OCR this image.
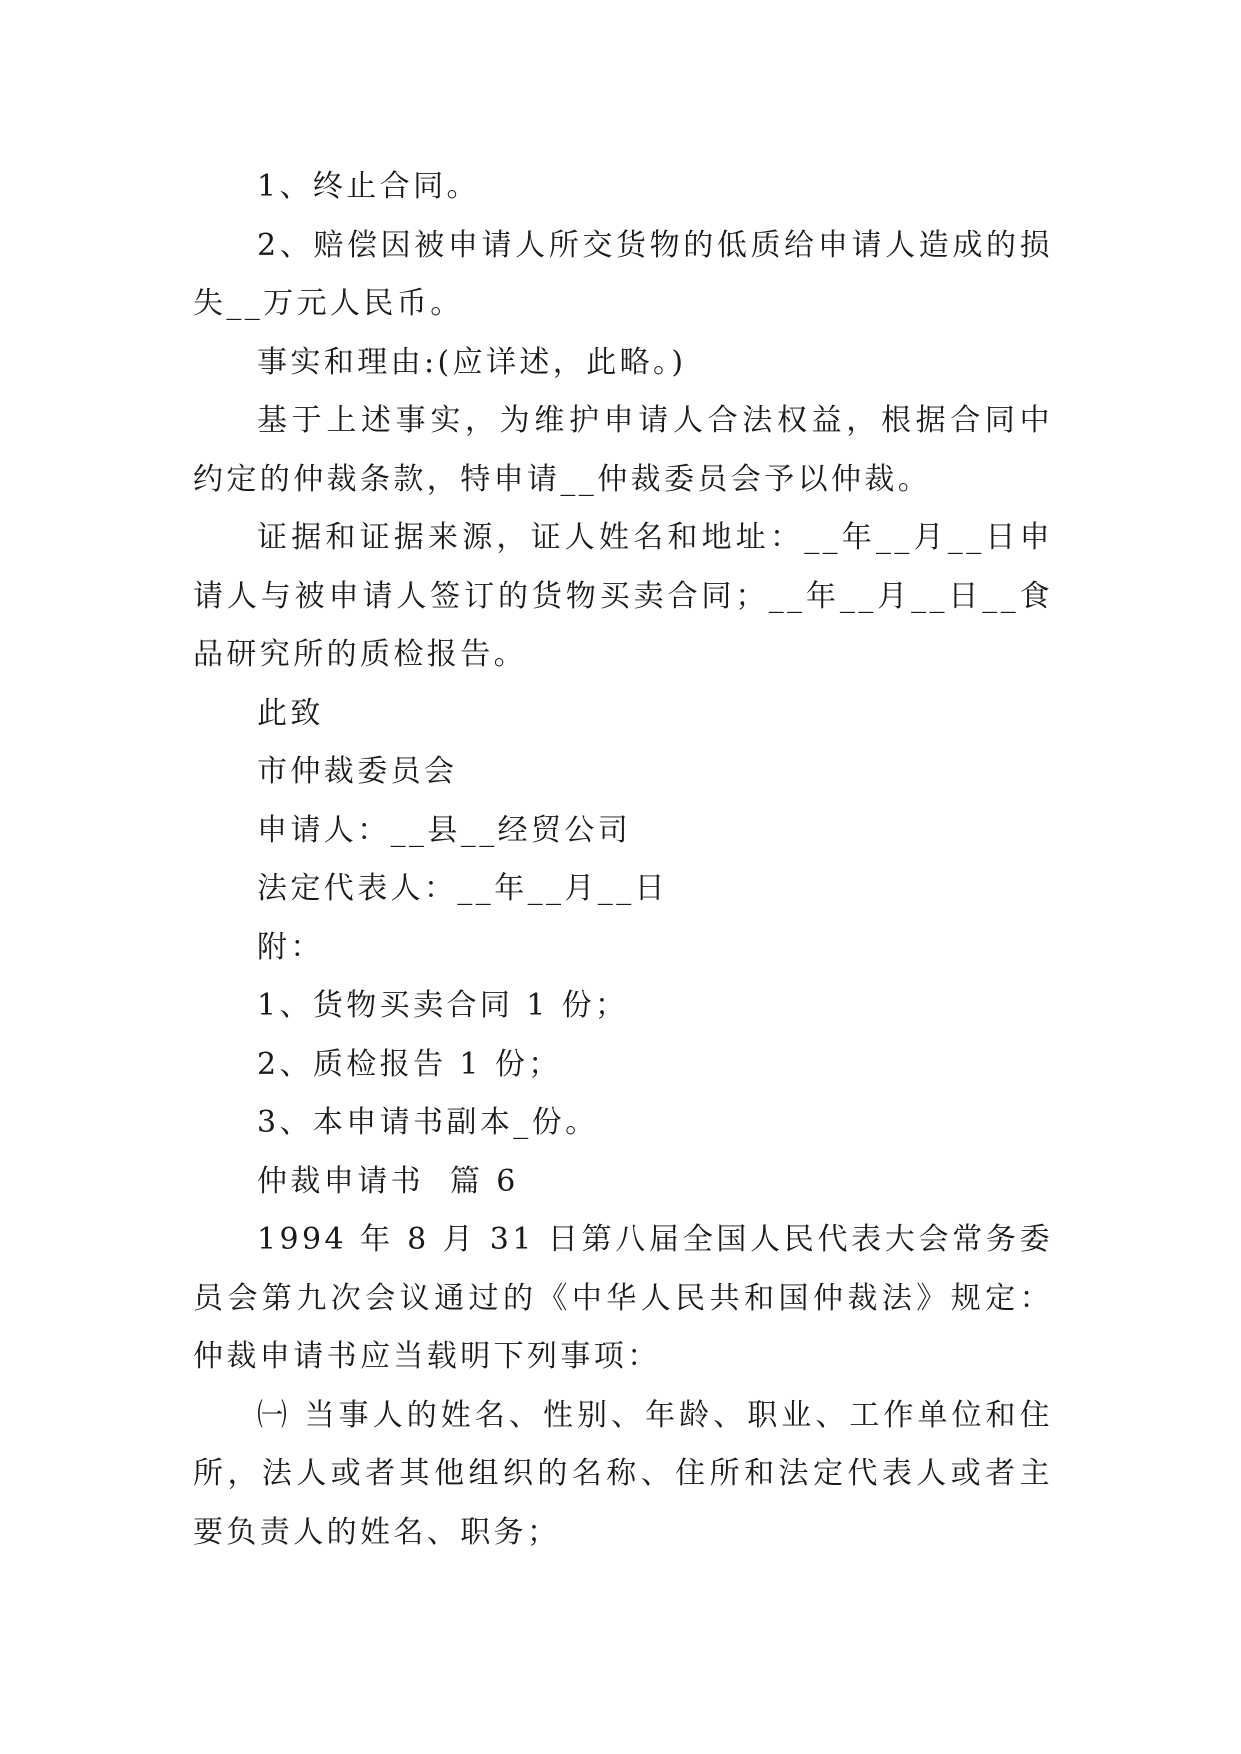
1、终止合同。

2、赔偿因被申请人所交货物的低质给申请人造成的损失__万元人民币。

事实和理由:(应详述，此略。)

基于上述事实，为维护申请人合法权益，根据合同中约定的仲裁条款，特申请__仲裁委员会予以仲裁。

证据和证据来源，证人姓名和地址：__年__月__日申请人与被申请人签订的货物买卖合同；__年__月__日__食品研究所的质检报告。

此致

市仲裁委员会

申请人：__县__经贸公司

法定代表人：__年__月__日

附：

1、货物买卖合同 1 份；

2、质检报告 1 份；

3、本申请书副本_份。

仲裁申请书  篇 6

1994 年 8 月 31 日第八届全国人民代表大会常务委员会第九次会议通过的《中华人民共和国仲裁法》规定： 仲裁申请书应当载明下列事项：

㈠ 当事人的姓名、性别、年龄、职业、工作单位和住所，法人或者其他组织的名称、住所和法定代表人或者主要负责人的姓名、职务；
